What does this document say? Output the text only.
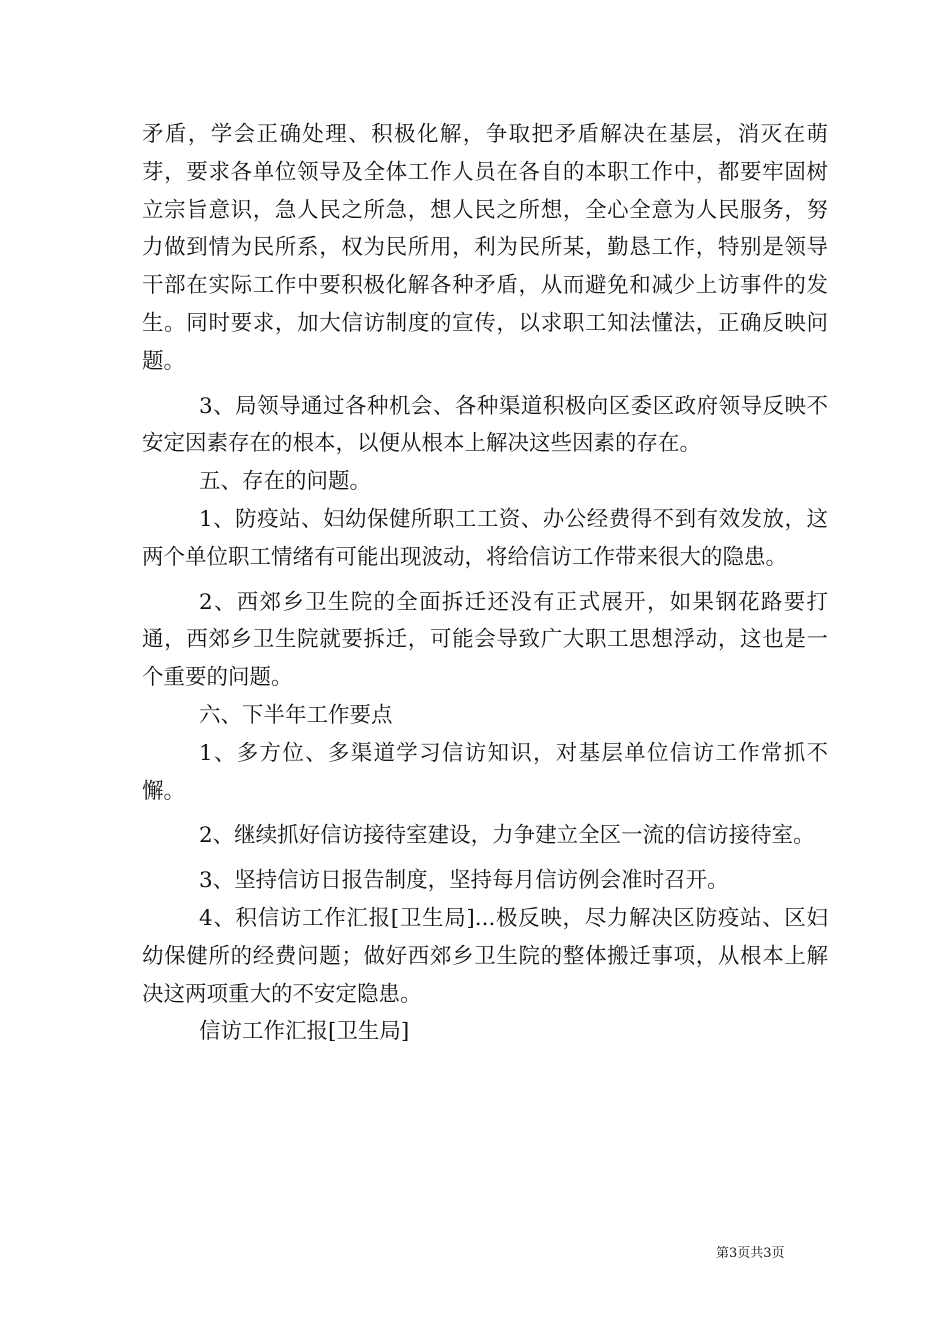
矛盾，学会正确处理、积极化解，争取把矛盾解决在基层，消灭在萌芽，要求各单位领导及全体工作人员在各自的本职工作中，都要牢固树立宗旨意识，急人民之所急，想人民之所想，全心全意为人民服务，努力做到情为民所系，权为民所用，利为民所某，勤恳工作，特别是领导干部在实际工作中要积极化解各种矛盾，从而避免和减少上访事件的发生。同时要求，加大信访制度的宣传，以求职工知法懂法，正确反映问题。

3、局领导通过各种机会、各种渠道积极向区委区政府领导反映不安定因素存在的根本，以便从根本上解决这些因素的存在。

五、存在的问题。

1、防疫站、妇幼保健所职工工资、办公经费得不到有效发放，这两个单位职工情绪有可能出现波动，将给信访工作带来很大的隐患。

2、西郊乡卫生院的全面拆迁还没有正式展开，如果钢花路要打通，西郊乡卫生院就要拆迁，可能会导致广大职工思想浮动，这也是一个重要的问题。

六、下半年工作要点

1、多方位、多渠道学习信访知识，对基层单位信访工作常抓不懈。

2、继续抓好信访接待室建设，力争建立全区一流的信访接待室。

3、坚持信访日报告制度，坚持每月信访例会准时召开。

4、积信访工作汇报[卫生局]...极反映，尽力解决区防疫站、区妇幼保健所的经费问题；做好西郊乡卫生院的整体搬迁事项，从根本上解决这两项重大的不安定隐患。

信访工作汇报[卫生局]

第3页共3页
